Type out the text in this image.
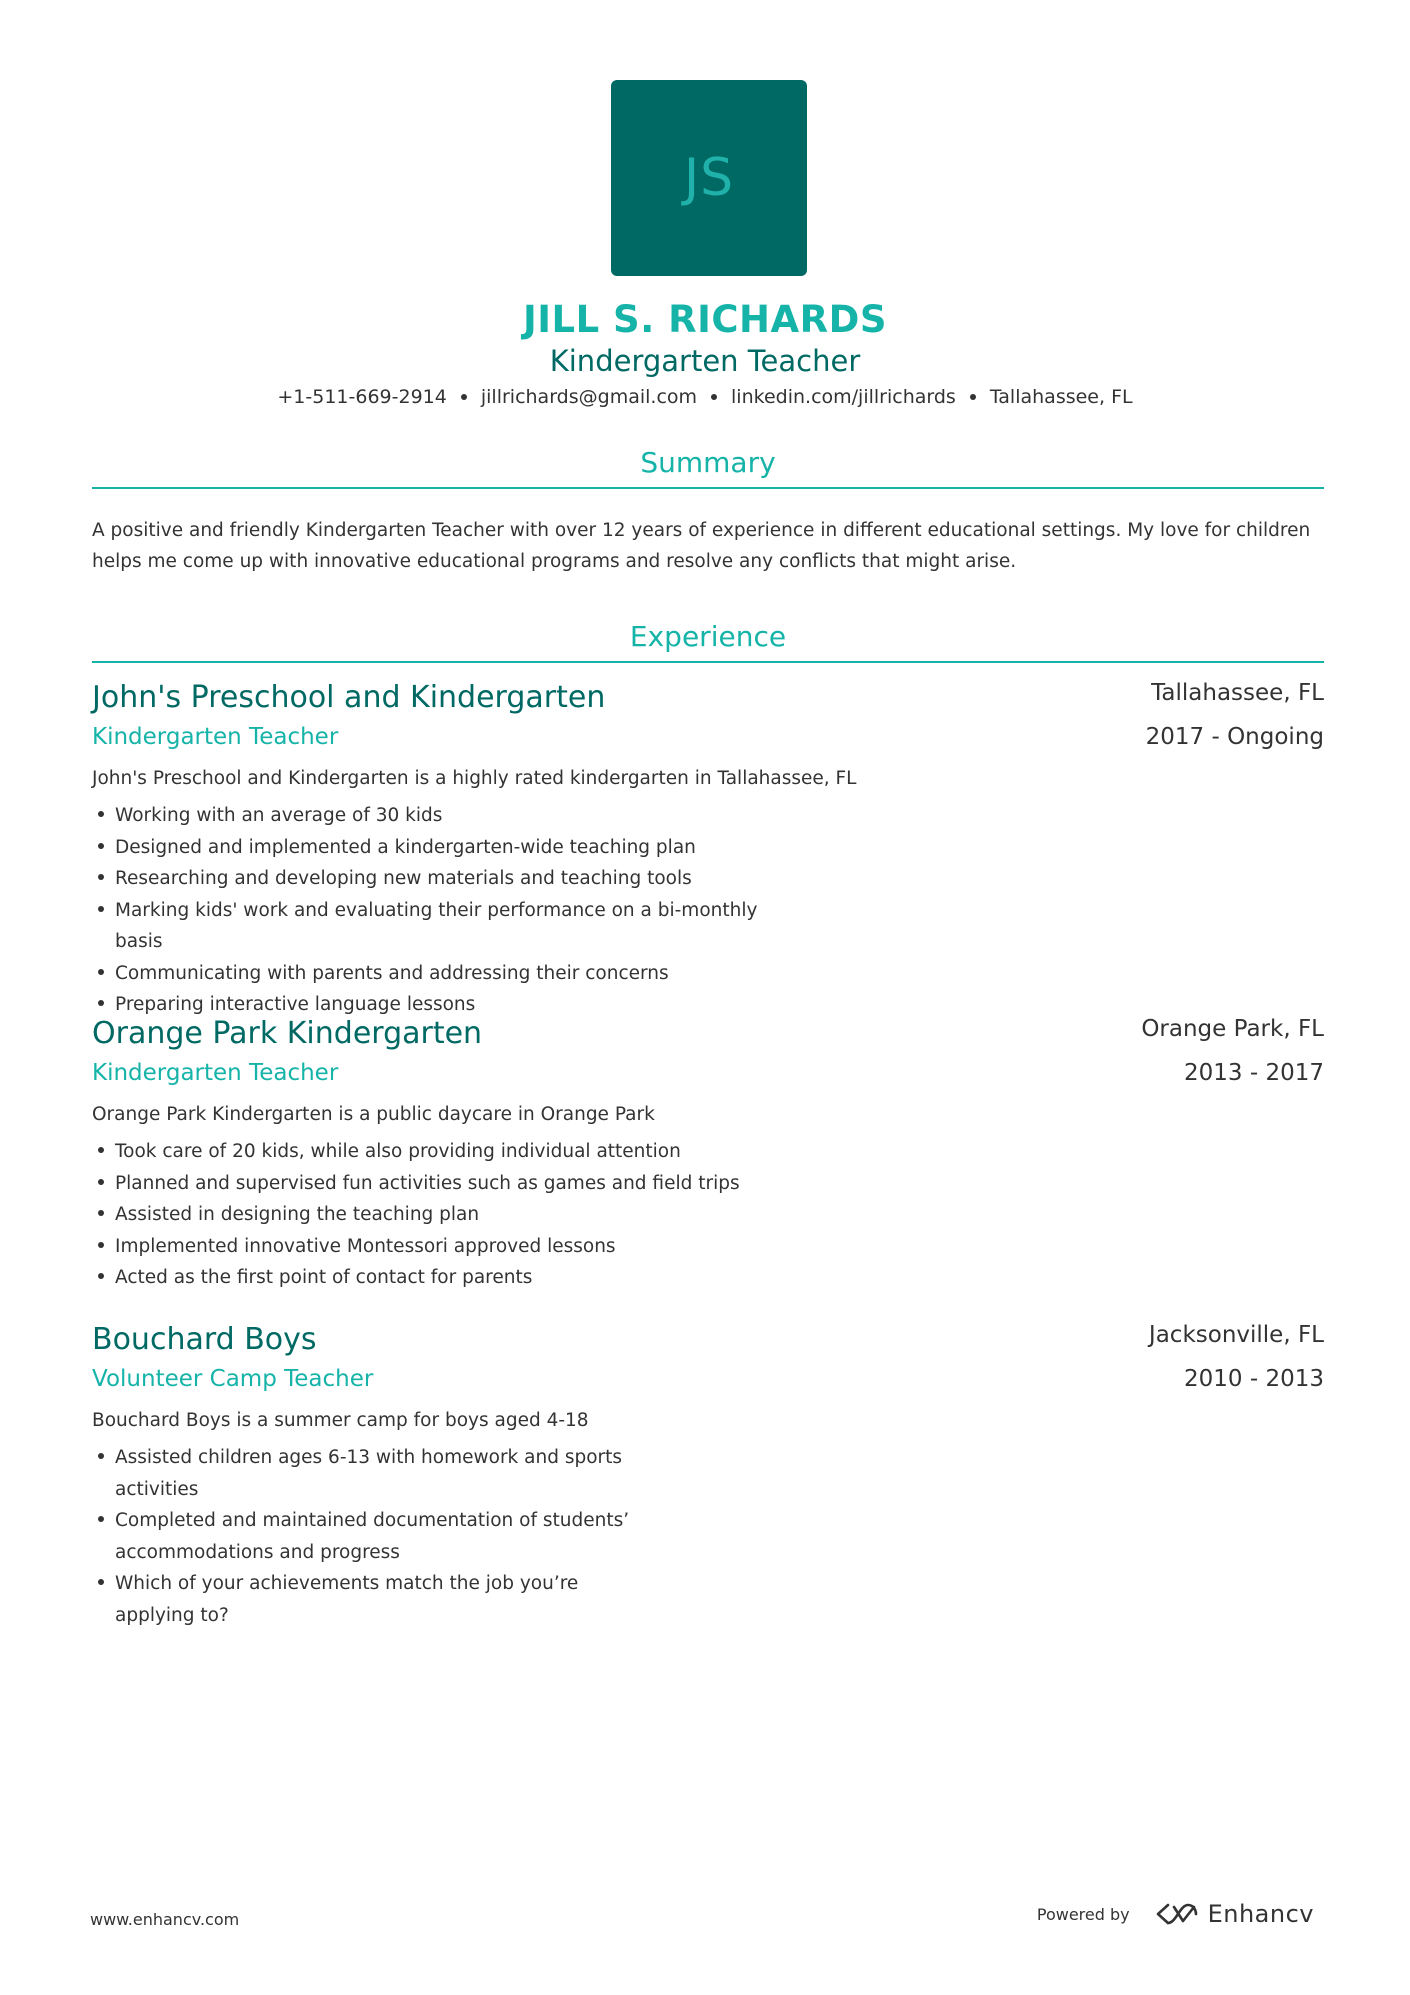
JS
JILL S. RICHARDS
Kindergarten Teacher
+1-511-669-2914 jillrichards@gmail.com linkedin.com/jillrichards Tallahassee, FL
Summary
A positive and friendly Kindergarten Teacher with over 12 years of experience in different educational settings. My love for children helps me come up with innovative educational programs and resolve any conflicts that might arise.
Experience
John's Preschool and Kindergarten	Tallahassee, FL
Kindergarten Teacher	2017 - Ongoing
John's Preschool and Kindergarten is a highly rated kindergarten in Tallahassee, FL
Working with an average of 30 kids
Designed and implemented a kindergarten-wide teaching plan
Researching and developing new materials and teaching tools
Marking kids' work and evaluating their performance on a bi-monthly basis
Communicating with parents and addressing their concerns
Preparing interactive language lessons
Orange Park Kindergarten	Orange Park, FL
Kindergarten Teacher	2013 - 2017
Orange Park Kindergarten is a public daycare in Orange Park
Took care of 20 kids, while also providing individual attention
Planned and supervised fun activities such as games and field trips
Assisted in designing the teaching plan
Implemented innovative Montessori approved lessons
Acted as the first point of contact for parents
Bouchard Boys	Jacksonville, FL
Volunteer Camp Teacher	2010 - 2013
Bouchard Boys is a summer camp for boys aged 4-18
Assisted children ages 6-13 with homework and sports activities
Completed and maintained documentation of students’ accommodations and progress
Which of your achievements match the job you’re applying to?
www.enhancv.com	Powered by	Enhancv
